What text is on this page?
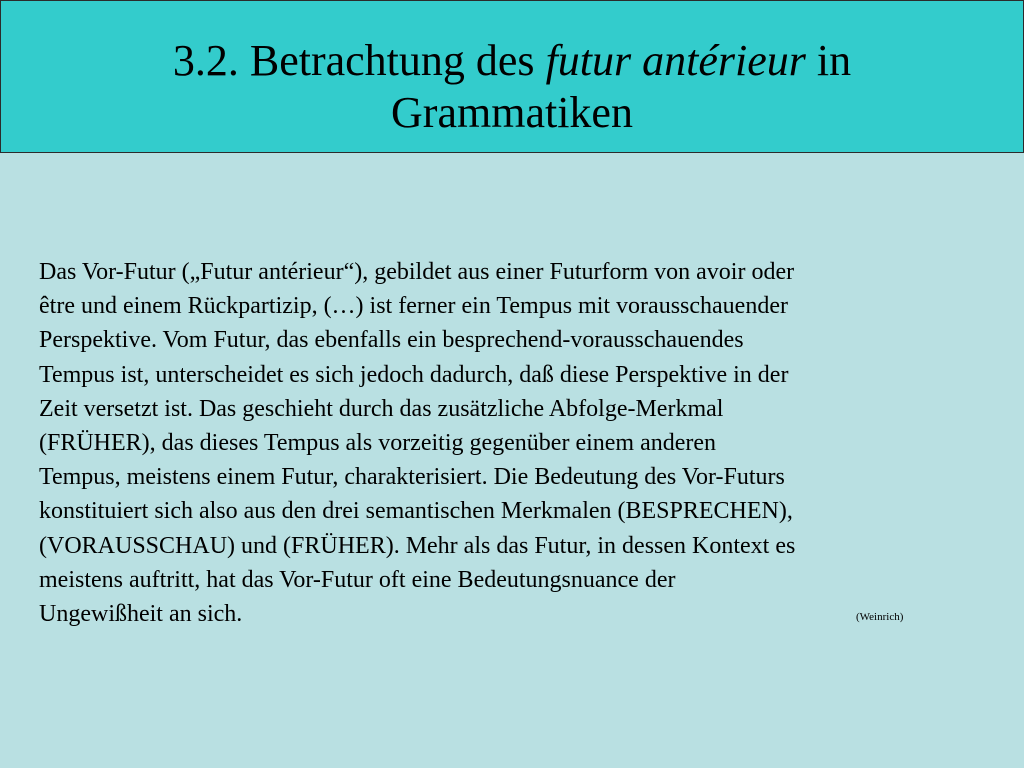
3.2. Betrachtung des futur antérieur in
Grammatiken

Das Vor-Futur („Futur antérieur“), gebildet aus einer Futurform von avoir oder
être und einem Rückpartizip, (…) ist ferner ein Tempus mit vorausschauender
Perspektive. Vom Futur, das ebenfalls ein besprechend-vorausschauendes
Tempus ist, unterscheidet es sich jedoch dadurch, daß diese Perspektive in der
Zeit versetzt ist. Das geschieht durch das zusätzliche Abfolge-Merkmal
(FRÜHER), das dieses Tempus als vorzeitig gegenüber einem anderen
Tempus, meistens einem Futur, charakterisiert. Die Bedeutung des Vor-Futurs
konstituiert sich also aus den drei semantischen Merkmalen (BESPRECHEN),
(VORAUSSCHAU) und (FRÜHER). Mehr als das Futur, in dessen Kontext es
meistens auftritt, hat das Vor-Futur oft eine Bedeutungsnuance der
Ungewißheit an sich.	(Weinrich)
